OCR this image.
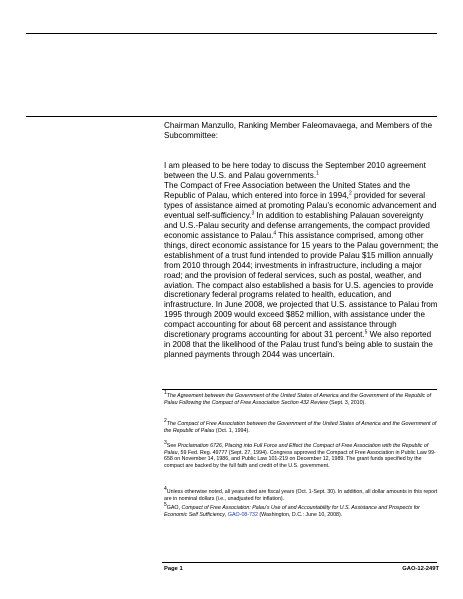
Chairman Manzullo, Ranking Member Faleomavaega, and Members of the Subcommittee:
I am pleased to be here today to discuss the September 2010 agreement between the U.S. and Palau governments.$^1$
The Compact of Free Association between the United States and the Republic of Palau, which entered into force in 1994,$^2$ provided for several types of assistance aimed at promoting Palau’s economic advancement and eventual self-sufficiency.$^3$ In addition to establishing Palauan sovereignty and U.S.-Palau security and defense arrangements, the compact provided economic assistance to Palau.$^4$ This assistance comprised, among other things, direct economic assistance for 15 years to the Palau government; the establishment of a trust fund intended to provide Palau $15 million annually from 2010 through 2044; investments in infrastructure, including a major road; and the provision of federal services, such as postal, weather, and aviation. The compact also established a basis for U.S. agencies to provide discretionary federal programs related to health, education, and infrastructure. In June 2008, we projected that U.S. assistance to Palau from 1995 through 2009 would exceed $852 million, with assistance under the compact accounting for about 68 percent and assistance through discretionary programs accounting for about 31 percent.$^5$ We also reported in 2008 that the likelihood of the Palau trust fund’s being able to sustain the planned payments through 2044 was uncertain.
$^1$The Agreement between the Government of the United States of America and the Government of the Republic of Palau Following the Compact of Free Association Section 432 Review (Sept. 3, 2010).
$^2$The Compact of Free Association between the Government of the United States of America and the Government of the Republic of Palau (Oct. 1, 1994).
$^3$See Proclamation 6726, Placing into Full Force and Effect the Compact of Free Association with the Republic of Palau, 59 Fed. Reg. 49777 (Sept. 27, 1994). Congress approved the Compact of Free Association in Public Law 99-658 on November 14, 1986, and Public Law 101-219 on December 12, 1989. The grant funds specified by the compact are backed by the full faith and credit of the U.S. government.
$^4$Unless otherwise noted, all years cited are fiscal years (Oct. 1-Sept. 30). In addition, all dollar amounts in this report are in nominal dollars (i.e., unadjusted for inflation).
$^5$GAO, Compact of Free Association: Palau’s Use of and Accountability for U.S. Assistance and Prospects for Economic Self Sufficiency, GAO-08-732 (Washington, D.C.: June 10, 2008).
Page 1	GAO-12-249T
